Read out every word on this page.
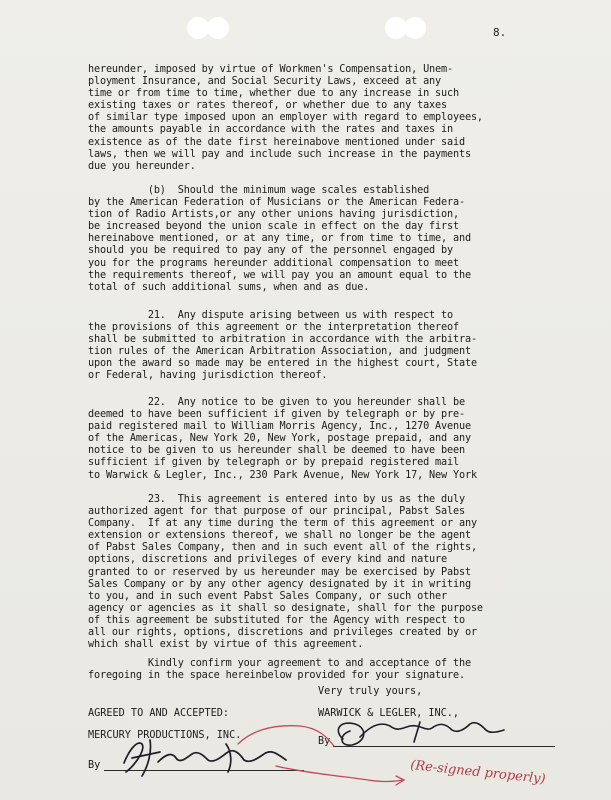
8.
hereunder, imposed by virtue of Workmen's Compensation, Unem-
ployment Insurance, and Social Security Laws, exceed at any
time or from time to time, whether due to any increase in such
existing taxes or rates thereof, or whether due to any taxes
of similar type imposed upon an employer with regard to employees,
the amounts payable in accordance with the rates and taxes in
existence as of the date first hereinabove mentioned under said
laws, then we will pay and include such increase in the payments
due you hereunder.
(b)  Should the minimum wage scales established
by the American Federation of Musicians or the American Federa-
tion of Radio Artists,or any other unions having jurisdiction,
be increased beyond the union scale in effect on the day first
hereinabove mentioned, or at any time, or from time to time, and
should you be required to pay any of the personnel engaged by
you for the programs hereunder additional compensation to meet
the requirements thereof, we will pay you an amount equal to the
total of such additional sums, when and as due.
21.  Any dispute arising between us with respect to
the provisions of this agreement or the interpretation thereof
shall be submitted to arbitration in accordance with the arbitra-
tion rules of the American Arbitration Association, and judgment
upon the award so made may be entered in the highest court, State
or Federal, having jurisdiction thereof.
22.  Any notice to be given to you hereunder shall be
deemed to have been sufficient if given by telegraph or by pre-
paid registered mail to William Morris Agency, Inc., 1270 Avenue
of the Americas, New York 20, New York, postage prepaid, and any
notice to be given to us hereunder shall be deemed to have been
sufficient if given by telegraph or by prepaid registered mail
to Warwick & Legler, Inc., 230 Park Avenue, New York 17, New York
23.  This agreement is entered into by us as the duly
authorized agent for that purpose of our principal, Pabst Sales
Company.  If at any time during the term of this agreement or any
extension or extensions thereof, we shall no longer be the agent
of Pabst Sales Company, then and in such event all of the rights,
options, discretions and privileges of every kind and nature
granted to or reserved by us hereunder may be exercised by Pabst
Sales Company or by any other agency designated by it in writing
to you, and in such event Pabst Sales Company, or such other
agency or agencies as it shall so designate, shall for the purpose
of this agreement be substituted for the Agency with respect to
all our rights, options, discretions and privileges created by or
which shall exist by virtue of this agreement.
Kindly confirm your agreement to and acceptance of the
foregoing in the space hereinbelow provided for your signature.
Very truly yours,
AGREED TO AND ACCEPTED:	WARWICK & LEGLER, INC.,
MERCURY PRODUCTIONS, INC.
By
By	(Re-signed properly)
